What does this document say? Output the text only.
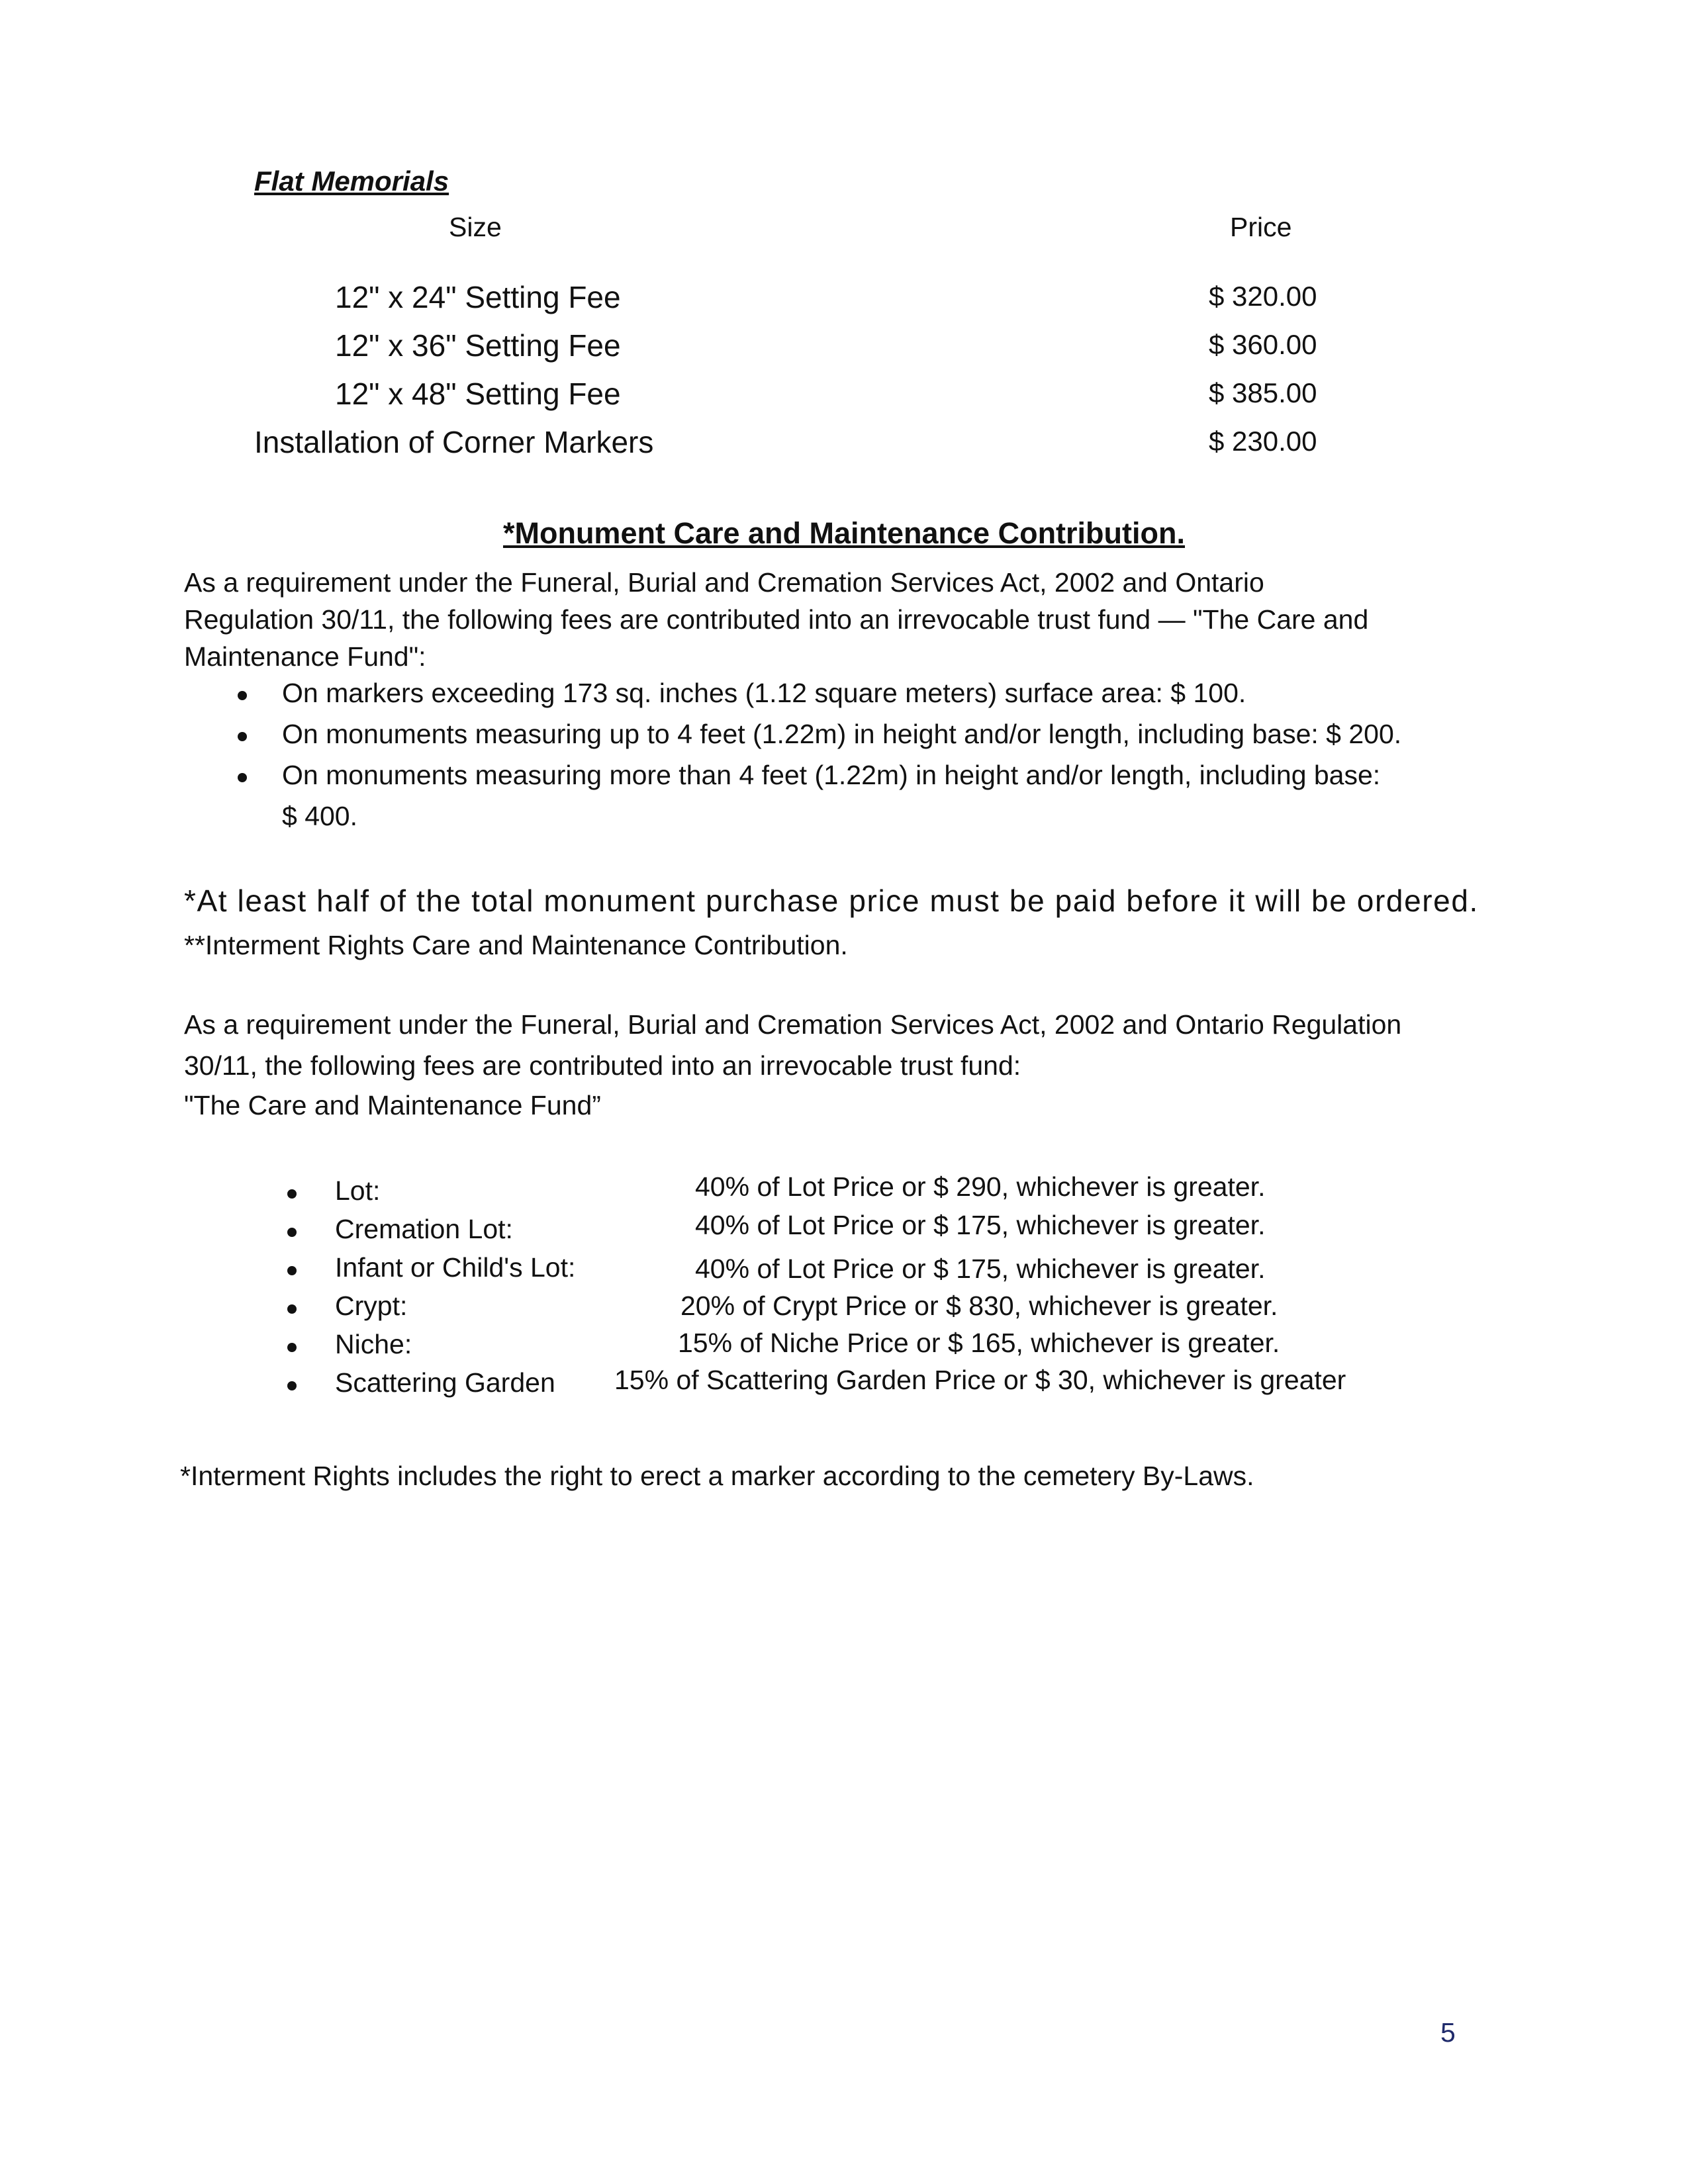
Flat Memorials
Size	Price
12" x 24" Setting Fee	$ 320.00
12" x 36" Setting Fee	$ 360.00
12" x 48" Setting Fee	$ 385.00
Installation of Corner Markers	$ 230.00
*Monument Care and Maintenance Contribution.
As a requirement under the Funeral, Burial and Cremation Services Act, 2002 and Ontario
Regulation 30/11, the following fees are contributed into an irrevocable trust fund — "The Care and
Maintenance Fund":
On markers exceeding 173 sq. inches (1.12 square meters) surface area: $ 100.
On monuments measuring up to 4 feet (1.22m) in height and/or length, including base: $ 200.
On monuments measuring more than 4 feet (1.22m) in height and/or length, including base:
$ 400.
*At least half of the total monument purchase price must be paid before it will be ordered.
**Interment Rights Care and Maintenance Contribution.
As a requirement under the Funeral, Burial and Cremation Services Act, 2002 and Ontario Regulation
30/11, the following fees are contributed into an irrevocable trust fund:
"The Care and Maintenance Fund”
Lot:	40% of Lot Price or $ 290, whichever is greater.
Cremation Lot:	40% of Lot Price or $ 175, whichever is greater.
Infant or Child's Lot:	40% of Lot Price or $ 175, whichever is greater.
Crypt:	20% of Crypt Price or $ 830, whichever is greater.
Niche:	15% of Niche Price or $ 165, whichever is greater.
Scattering Garden 15% of Scattering Garden Price or $ 30, whichever is greater
*Interment Rights includes the right to erect a marker according to the cemetery By-Laws.
5
